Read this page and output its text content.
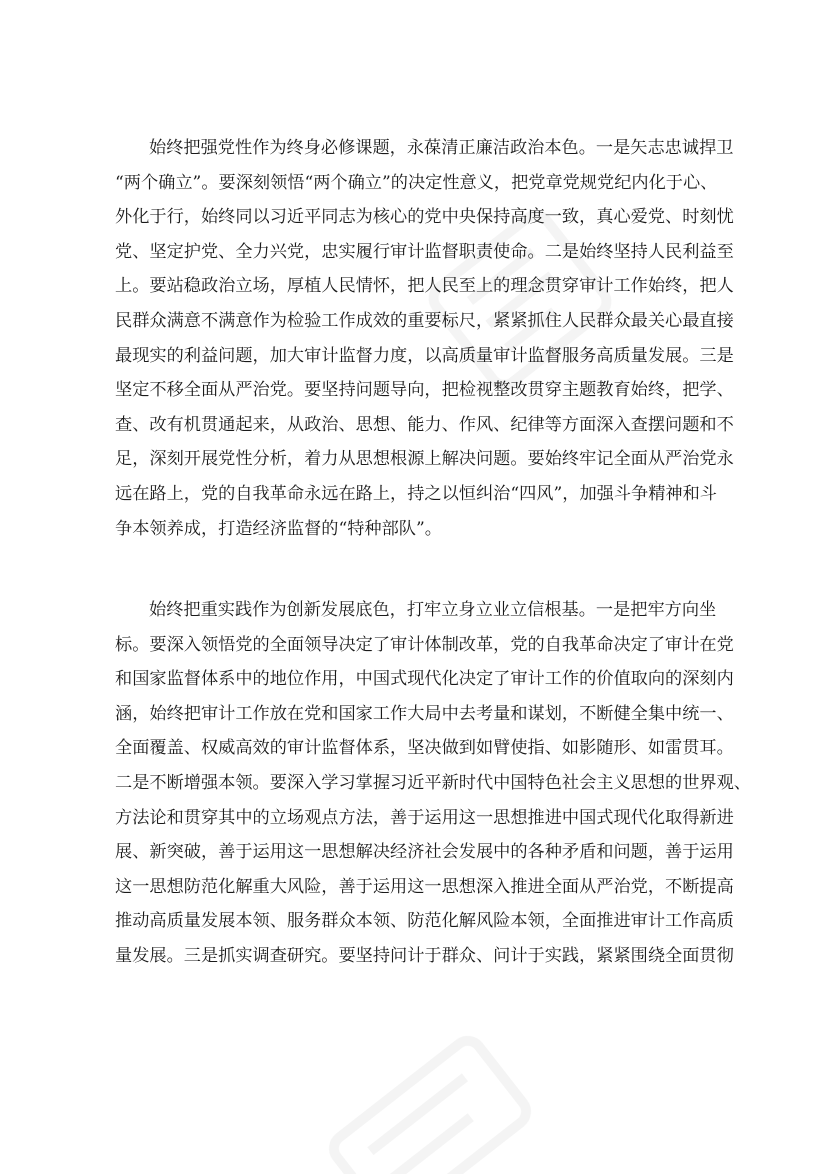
始终把强党性作为终身必修课题，永葆清正廉洁政治本色。一是矢志忠诚捍卫
“两个确立”。要深刻领悟“两个确立”的决定性意义，把党章党规党纪内化于心、
外化于行，始终同以习近平同志为核心的党中央保持高度一致，真心爱党、时刻忧
党、坚定护党、全力兴党，忠实履行审计监督职责使命。二是始终坚持人民利益至
上。要站稳政治立场，厚植人民情怀，把人民至上的理念贯穿审计工作始终，把人
民群众满意不满意作为检验工作成效的重要标尺，紧紧抓住人民群众最关心最直接
最现实的利益问题，加大审计监督力度，以高质量审计监督服务高质量发展。三是
坚定不移全面从严治党。要坚持问题导向，把检视整改贯穿主题教育始终，把学、
查、改有机贯通起来，从政治、思想、能力、作风、纪律等方面深入查摆问题和不
足，深刻开展党性分析，着力从思想根源上解决问题。要始终牢记全面从严治党永
远在路上，党的自我革命永远在路上，持之以恒纠治“四风”，加强斗争精神和斗
争本领养成，打造经济监督的“特种部队”。
始终把重实践作为创新发展底色，打牢立身立业立信根基。一是把牢方向坐
标。要深入领悟党的全面领导决定了审计体制改革，党的自我革命决定了审计在党
和国家监督体系中的地位作用，中国式现代化决定了审计工作的价值取向的深刻内
涵，始终把审计工作放在党和国家工作大局中去考量和谋划，不断健全集中统一、
全面覆盖、权威高效的审计监督体系，坚决做到如臂使指、如影随形、如雷贯耳。
二是不断增强本领。要深入学习掌握习近平新时代中国特色社会主义思想的世界观、
方法论和贯穿其中的立场观点方法，善于运用这一思想推进中国式现代化取得新进
展、新突破，善于运用这一思想解决经济社会发展中的各种矛盾和问题，善于运用
这一思想防范化解重大风险，善于运用这一思想深入推进全面从严治党，不断提高
推动高质量发展本领、服务群众本领、防范化解风险本领，全面推进审计工作高质
量发展。三是抓实调查研究。要坚持问计于群众、问计于实践，紧紧围绕全面贯彻
